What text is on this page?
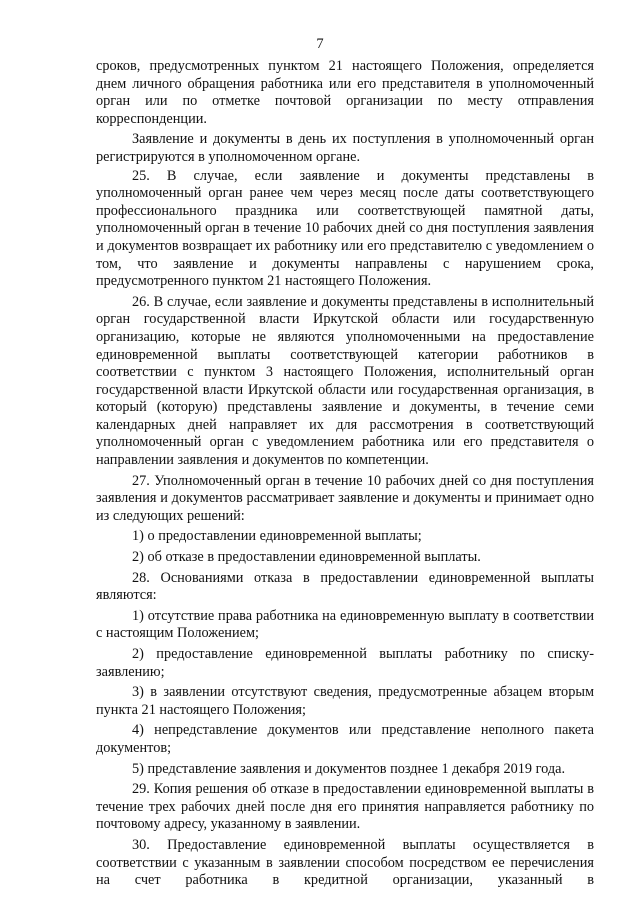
7

сроков, предусмотренных пунктом 21 настоящего Положения, определяется днем личного обращения работника или его представителя в уполномоченный орган или по отметке почтовой организации по месту отправления корреспонденции.

Заявление и документы в день их поступления в уполномоченный орган регистрируются в уполномоченном органе.

25. В случае, если заявление и документы представлены в уполномоченный орган ранее чем через месяц после даты соответствующего профессионального праздника или соответствующей памятной даты, уполномоченный орган в течение 10 рабочих дней со дня поступления заявления и документов возвращает их работнику или его представителю с уведомлением о том, что заявление и документы направлены с нарушением срока, предусмотренного пунктом 21 настоящего Положения.

26. В случае, если заявление и документы представлены в исполнительный орган государственной власти Иркутской области или государственную организацию, которые не являются уполномоченными на предоставление единовременной выплаты соответствующей категории работников в соответствии с пунктом 3 настоящего Положения, исполнительный орган государственной власти Иркутской области или государственная организация, в который (которую) представлены заявление и документы, в течение семи календарных дней направляет их для рассмотрения в соответствующий уполномоченный орган с уведомлением работника или его представителя о направлении заявления и документов по компетенции.

27. Уполномоченный орган в течение 10 рабочих дней со дня поступления заявления и документов рассматривает заявление и документы и принимает одно из следующих решений:

1) о предоставлении единовременной выплаты;

2) об отказе в предоставлении единовременной выплаты.

28. Основаниями отказа в предоставлении единовременной выплаты являются:

1) отсутствие права работника на единовременную выплату в соответствии с настоящим Положением;

2) предоставление единовременной выплаты работнику по списку-заявлению;

3) в заявлении отсутствуют сведения, предусмотренные абзацем вторым пункта 21 настоящего Положения;

4) непредставление документов или представление неполного пакета документов;

5) представление заявления и документов позднее 1 декабря 2019 года.

29. Копия решения об отказе в предоставлении единовременной выплаты в течение трех рабочих дней после дня его принятия направляется работнику по почтовому адресу, указанному в заявлении.

30. Предоставление единовременной выплаты осуществляется в соответствии с указанным в заявлении способом посредством ее перечисления на счет работника в кредитной организации, указанный в
